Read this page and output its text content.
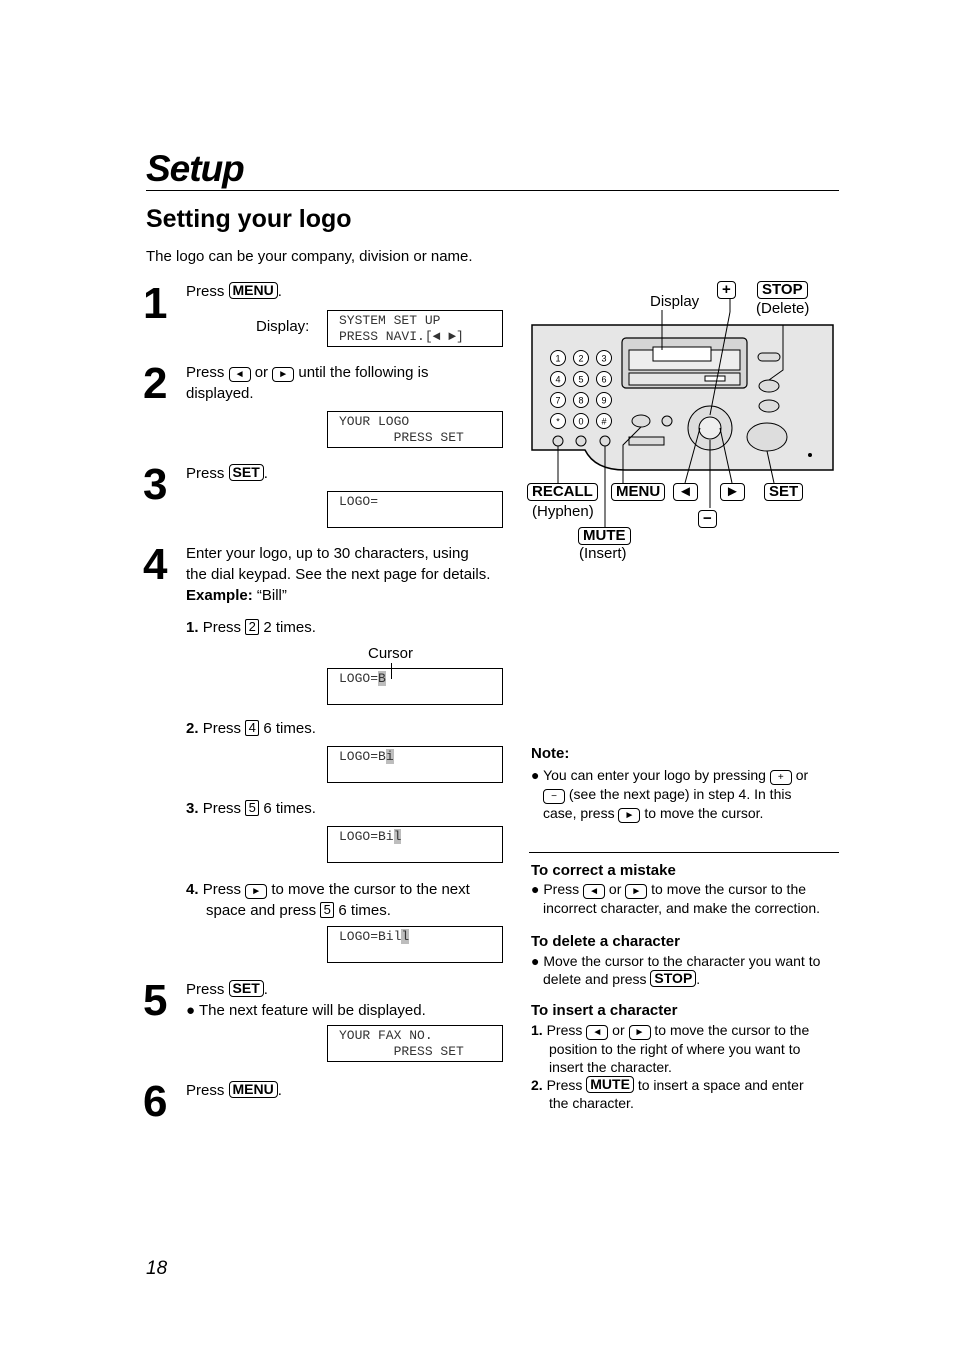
Setup
Setting your logo
The logo can be your company, division or name.
1 Press MENU .
Display:	SYSTEM SET UP
PRESS NAVI.[◄ ►]
2 Press ◄ or ► until the following is
displayed.
YOUR LOGO
PRESS SET
3 Press SET .
LOGO=
4 Enter your logo, up to 30 characters, using
the dial keypad. See the next page for details.
Example: “Bill”
1. Press 2 2 times.
Cursor
LOGO=B
2. Press 4 6 times.
LOGO=Bi
3. Press 5 6 times.
LOGO=Bil
4. Press ► to move the cursor to the next
space and press 5 6 times.
LOGO=Bill
5 Press SET .
● The next feature will be displayed.
YOUR FAX NO.
PRESS SET
6 Press MENU .
1 2 3
4 5 6
7 8 9
* 0 #
Display
+	STOP
(Delete)
RECALL
(Hyphen)
MENU	◄	►	SET
−
MUTE
(Insert)
Note:
● You can enter your logo by pressing + or
− (see the next page) in step 4. In this
case, press ► to move the cursor.
To correct a mistake
● Press ◄ or ► to move the cursor to the
incorrect character, and make the correction.
To delete a character
● Move the cursor to the character you want to
delete and press STOP .
To insert a character
1. Press ◄ or ► to move the cursor to the
position to the right of where you want to
insert the character.
2. Press MUTE to insert a space and enter
the character.
18
